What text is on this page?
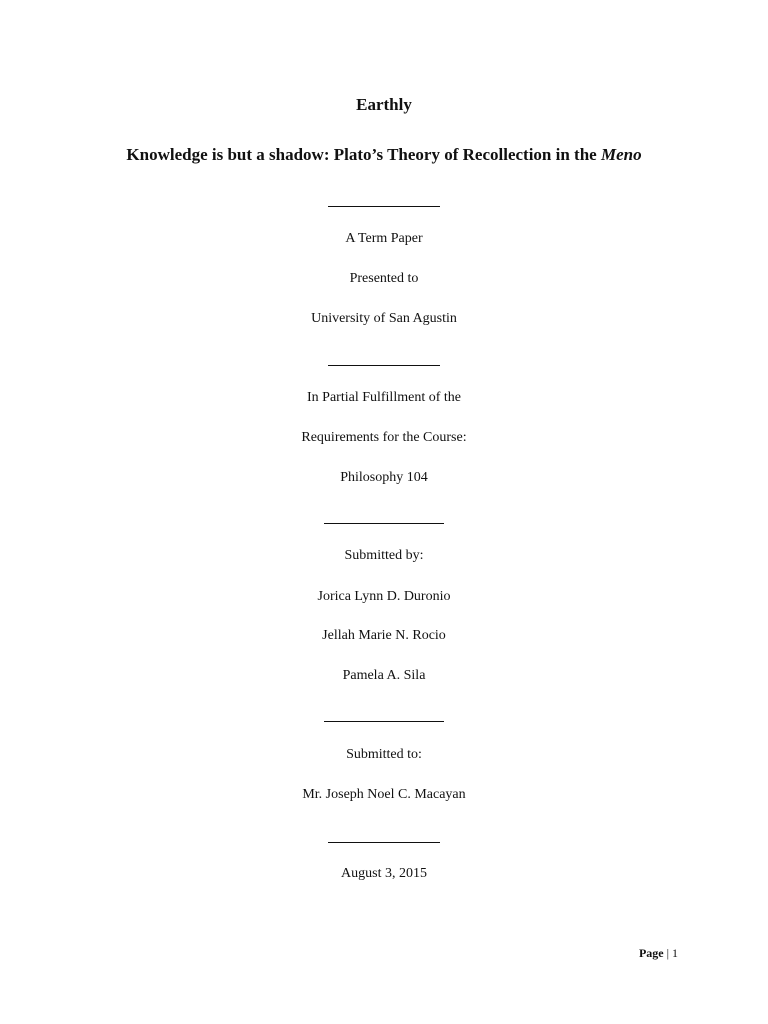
Earthly
Knowledge is but a shadow: Plato’s Theory of Recollection in the Meno
A Term Paper
Presented to
University of San Agustin
In Partial Fulfillment of the
Requirements for the Course:
Philosophy 104
Submitted by:
Jorica Lynn D. Duronio
Jellah Marie N. Rocio
Pamela A. Sila
Submitted to:
Mr. Joseph Noel C. Macayan
August 3, 2015
Page | 1
